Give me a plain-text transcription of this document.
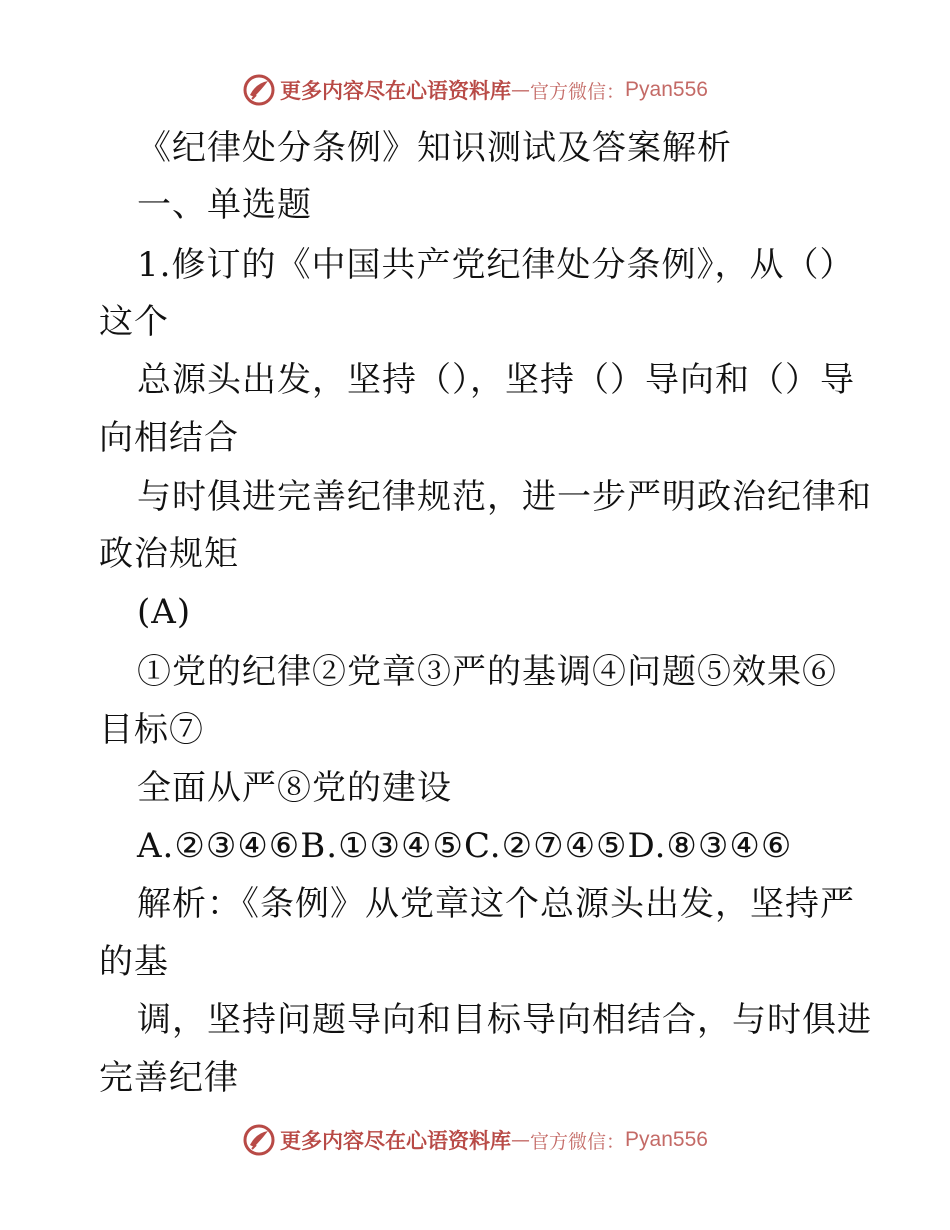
更多内容尽在心语资料库 — 官方微信： Pyan556
《纪律处分条例》知识测试及答案解析
一、单选题
1.修订的《中国共产党纪律处分条例》，从（）
这个
总源头出发，坚持（），坚持（）导向和（）导
向相结合
与时俱进完善纪律规范，进一步严明政治纪律和
政治规矩
(A)
①党的纪律②党章③严的基调④问题⑤效果⑥
目标⑦
全面从严⑧党的建设
A.②③④⑥B.①③④⑤C.②⑦④⑤D.⑧③④⑥
解析：《条例》从党章这个总源头出发，坚持严
的基
调，坚持问题导向和目标导向相结合，与时俱进
完善纪律
更多内容尽在心语资料库 — 官方微信： Pyan556
